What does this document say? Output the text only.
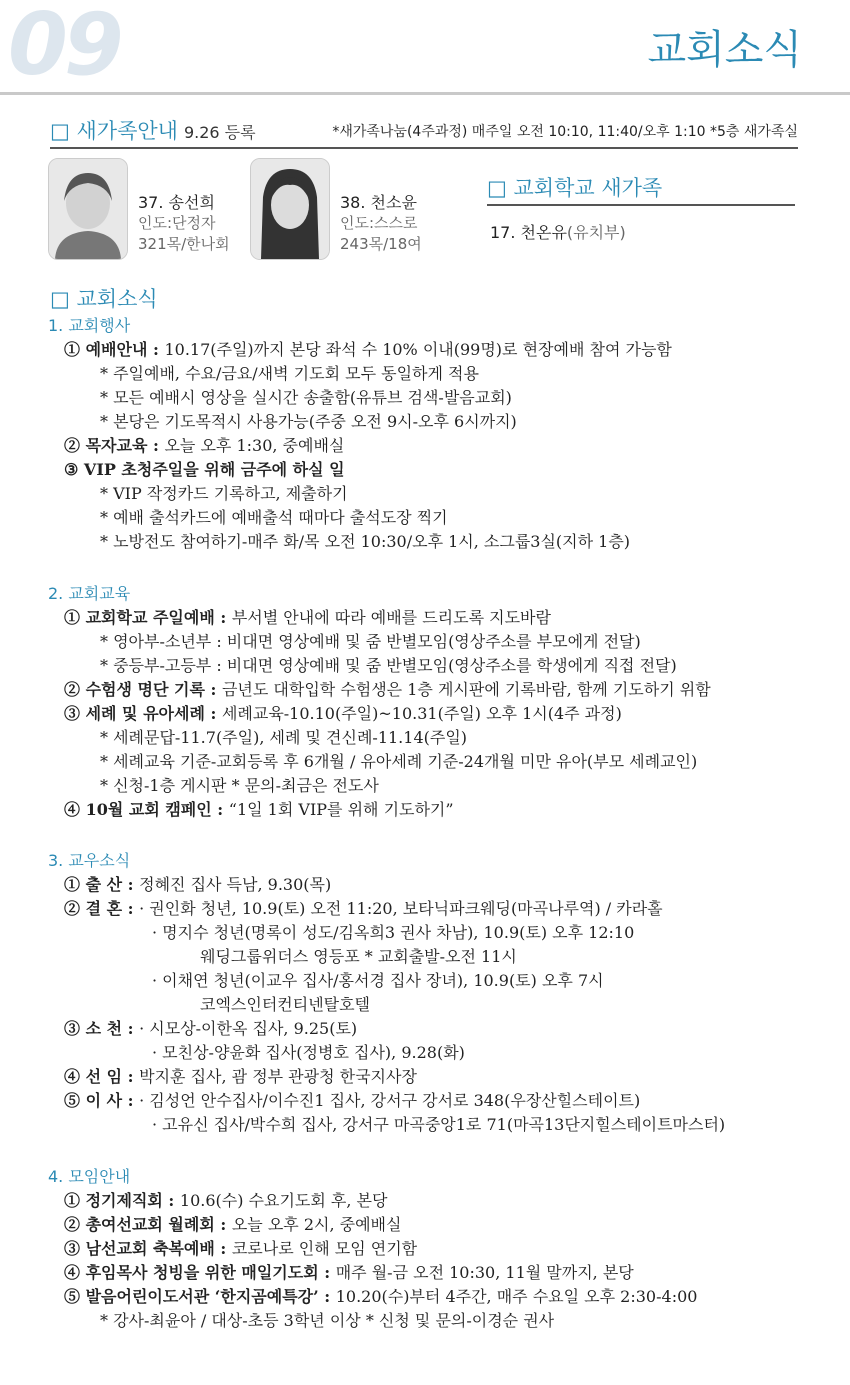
09	교회소식
□ 새가족안내 9.26 등록	*새가족나눔(4주과정) 매주일 오전 10:10, 11:40/오후 1:10 *5층 새가족실
37. 송선희
인도:단정자
321목/한나회
38. 천소윤
인도:스스로
243목/18여
□ 교회학교 새가족
17. 천온유(유치부)
□ 교회소식
1. 교회행사
① 예배안내 : 10.17(주일)까지 본당 좌석 수 10% 이내(99명)로 현장예배 참여 가능함
* 주일예배, 수요/금요/새벽 기도회 모두 동일하게 적용
* 모든 예배시 영상을 실시간 송출함(유튜브 검색-발음교회)
* 본당은 기도목적시 사용가능(주중 오전 9시-오후 6시까지)
② 목자교육 : 오늘 오후 1:30, 중예배실
③ VIP 초청주일을 위해 금주에 하실 일
* VIP 작정카드 기록하고, 제출하기
* 예배 출석카드에 예배출석 때마다 출석도장 찍기
* 노방전도 참여하기-매주 화/목 오전 10:30/오후 1시, 소그룹3실(지하 1층)
2. 교회교육
① 교회학교 주일예배 : 부서별 안내에 따라 예배를 드리도록 지도바람
* 영아부-소년부 : 비대면 영상예배 및 줌 반별모임(영상주소를 부모에게 전달)
* 중등부-고등부 : 비대면 영상예배 및 줌 반별모임(영상주소를 학생에게 직접 전달)
② 수험생 명단 기록 : 금년도 대학입학 수험생은 1층 게시판에 기록바람, 함께 기도하기 위함
③ 세례 및 유아세례 : 세례교육-10.10(주일)~10.31(주일) 오후 1시(4주 과정)
* 세례문답-11.7(주일), 세례 및 견신례-11.14(주일)
* 세례교육 기준-교회등록 후 6개월 / 유아세례 기준-24개월 미만 유아(부모 세례교인)
* 신청-1층 게시판 * 문의-최금은 전도사
④ 10월 교회 캠페인 : “1일 1회 VIP를 위해 기도하기”
3. 교우소식
① 출 산 : 정혜진 집사 득남, 9.30(목)
② 결 혼 : · 권인화 청년, 10.9(토) 오전 11:20, 보타닉파크웨딩(마곡나루역) / 카라홀
· 명지수 청년(명록이 성도/김옥희3 권사 차남), 10.9(토) 오후 12:10
웨딩그룹위더스 영등포 * 교회출발-오전 11시
· 이채연 청년(이교우 집사/홍서경 집사 장녀), 10.9(토) 오후 7시
코엑스인터컨티넨탈호텔
③ 소 천 : · 시모상-이한옥 집사, 9.25(토)
· 모친상-양윤화 집사(정병호 집사), 9.28(화)
④ 선 임 : 박지훈 집사, 괌 정부 관광청 한국지사장
⑤ 이 사 : · 김성언 안수집사/이수진1 집사, 강서구 강서로 348(우장산힐스테이트)
· 고유신 집사/박수희 집사, 강서구 마곡중앙1로 71(마곡13단지힐스테이트마스터)
4. 모임안내
① 정기제직회 : 10.6(수) 수요기도회 후, 본당
② 총여선교회 월례회 : 오늘 오후 2시, 중예배실
③ 남선교회 축복예배 : 코로나로 인해 모임 연기함
④ 후임목사 청빙을 위한 매일기도회 : 매주 월-금 오전 10:30, 11월 말까지, 본당
⑤ 발음어린이도서관 ‘한지곰예특강’ : 10.20(수)부터 4주간, 매주 수요일 오후 2:30-4:00
* 강사-최윤아 / 대상-초등 3학년 이상 * 신청 및 문의-이경순 권사
